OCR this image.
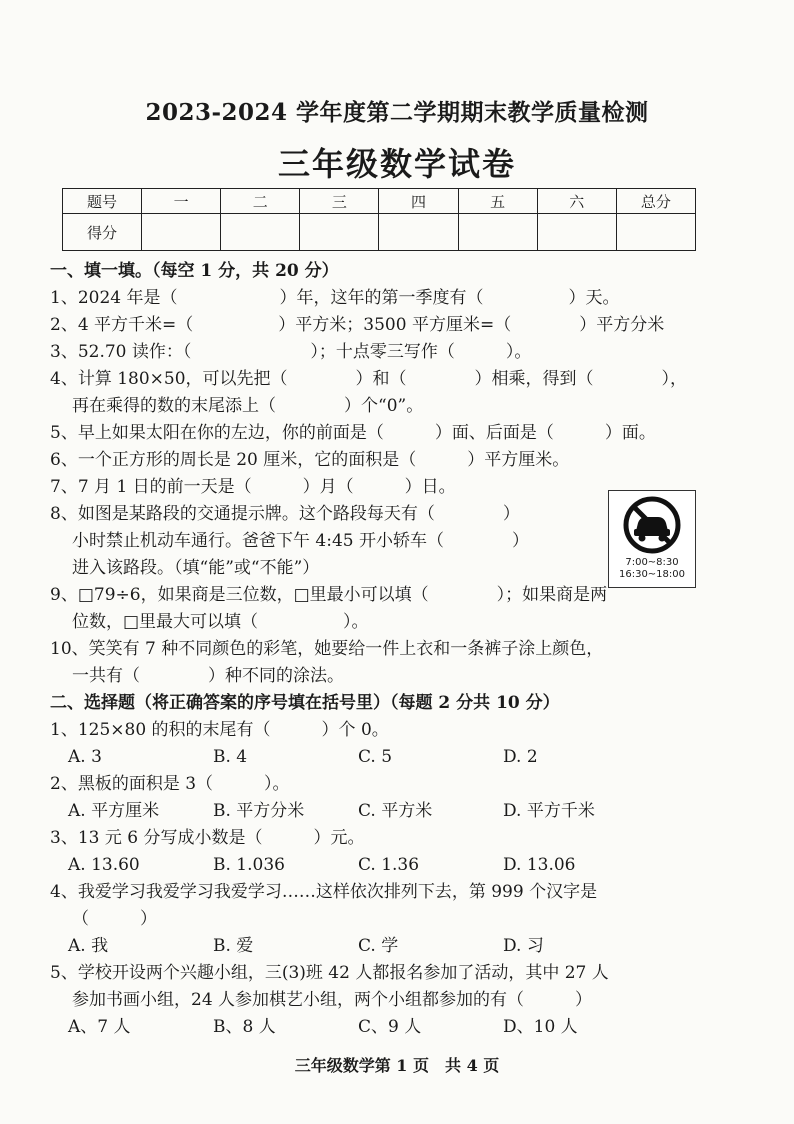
2023-2024 学年度第二学期期末教学质量检测
三年级数学试卷
题号	一	二	三	四	五	六	总分
得分							
一、填一填。（每空 1 分，共 20 分）
1、2024 年是（　　　　　　）年，这年的第一季度有（　　　　　）天。
2、4 平方千米=（　　　　　）平方米；3500 平方厘米=（　　　　）平方分米
3、52.70 读作：（　　　　　　　）；十点零三写作（　　　）。
4、计算 180×50，可以先把（　　　　）和（　　　　）相乘，得到（　　　　），
再在乘得的数的末尾添上（　　　　）个“0”。
5、早上如果太阳在你的左边，你的前面是（　　　）面、后面是（　　　）面。
6、一个正方形的周长是 20 厘米，它的面积是（　　　）平方厘米。
7、7 月 1 日的前一天是（　　　）月（　　　）日。
8、如图是某路段的交通提示牌。这个路段每天有（　　　　）
小时禁止机动车通行。爸爸下午 4:45 开小轿车（　　　　）
进入该路段。（填“能”或“不能”）
9、□79÷6，如果商是三位数，□里最小可以填（　　　　）；如果商是两
位数，□里最大可以填（　　　　　）。
10、笑笑有 7 种不同颜色的彩笔，她要给一件上衣和一条裤子涂上颜色，
一共有（　　　　）种不同的涂法。
二、选择题（将正确答案的序号填在括号里）（每题 2 分共 10 分）
1、125×80 的积的末尾有（　　　）个 0。
A. 3	B. 4	C. 5	D. 2
2、黑板的面积是 3（　　　）。
A. 平方厘米	B. 平方分米	C. 平方米	D. 平方千米
3、13 元 6 分写成小数是（　　　）元。
A. 13.60	B. 1.036	C. 1.36	D. 13.06
4、我爱学习我爱学习我爱学习……这样依次排列下去，第 999 个汉字是
（　　　）
A. 我	B. 爱	C. 学	D. 习
5、学校开设两个兴趣小组，三(3)班 42 人都报名参加了活动，其中 27 人
参加书画小组，24 人参加棋艺小组，两个小组都参加的有（　　　）
A、7 人	B、8 人	C、9 人	D、10 人
7:00~8:30
16:30~18:00
三年级数学第 1 页　共 4 页
